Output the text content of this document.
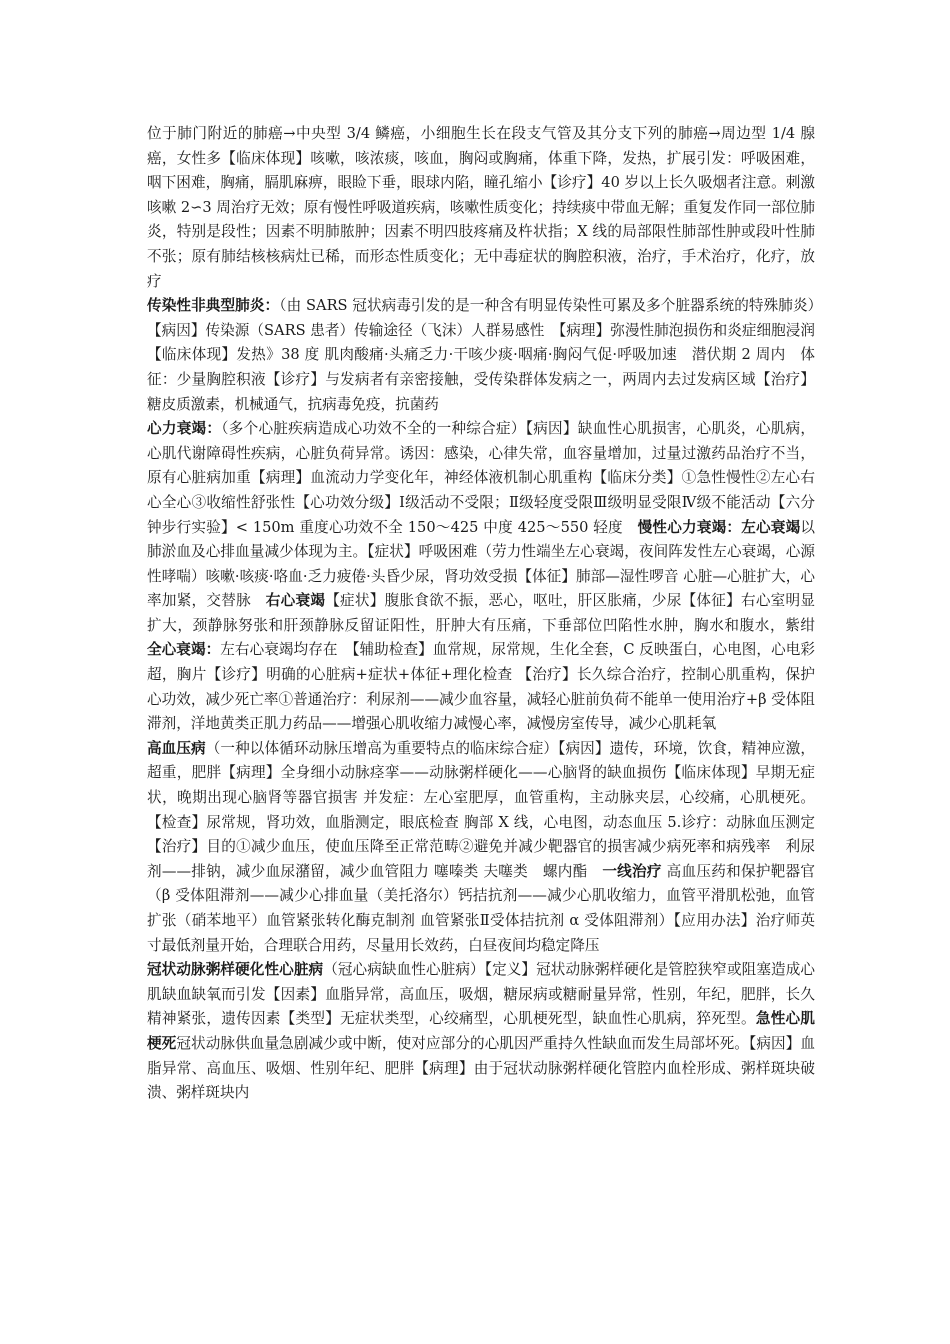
位于肺门附近的肺癌→中央型 3/4 鳞癌，小细胞生长在段支气管及其分支下列的肺癌→周边型 1/4 腺癌，女性多【临床体现】咳嗽，咳浓痰，咳血，胸闷或胸痛，体重下降，发热，扩展引发：呼吸困难，咽下困难，胸痛，膈肌麻痹，眼睑下垂，眼球内陷，瞳孔缩小【诊疗】40 岁以上长久吸烟者注意。刺激咳嗽 2∽3 周治疗无效；原有慢性呼吸道疾病，咳嗽性质变化；持续痰中带血无解；重复发作同一部位肺炎，特别是段性；因素不明肺脓肿；因素不明四肢疼痛及杵状指；X 线的局部限性肺部性肿或段叶性肺不张；原有肺结核核病灶已稀，而形态性质变化；无中毒症状的胸腔积液，治疗，手术治疗，化疗，放疗

传染性非典型肺炎：（由 SARS 冠状病毒引发的是一种含有明显传染性可累及多个脏器系统的特殊肺炎）　【病因】传染源（SARS 患者）传输途径（飞沫）人群易感性　【病理】弥漫性肺泡损伤和炎症细胞浸润　【临床体现】发热》38 度 肌肉酸痛·头痛乏力·干咳少痰·咽痛·胸闷气促·呼吸加速　潜伏期 2 周内　体征：少量胸腔积液【诊疗】与发病者有亲密接触，受传染群体发病之一，两周内去过发病区域【治疗】糖皮质激素，机械通气，抗病毒免疫，抗菌药

心力衰竭：（多个心脏疾病造成心功效不全的一种综合症）【病因】缺血性心肌损害，心肌炎，心肌病，心肌代谢障碍性疾病，心脏负荷异常。诱因：感染，心律失常，血容量增加，过量过激药品治疗不当，原有心脏病加重【病理】血流动力学变化年，神经体液机制心肌重构【临床分类】①急性慢性②左心右心全心③收缩性舒张性【心功效分级】Ⅰ级活动不受限；Ⅱ级轻度受限Ⅲ级明显受限Ⅳ级不能活动【六分钟步行实验】< 150m 重度心功效不全 150～425 中度 425～550 轻度　慢性心力衰竭：左心衰竭以肺淤血及心排血量减少体现为主。【症状】呼吸困难（劳力性端坐左心衰竭，夜间阵发性左心衰竭，心源性哮喘）咳嗽·咳痰·咯血·乏力疲倦·头昏少尿，肾功效受损【体征】肺部—湿性啰音 心脏—心脏扩大，心率加紧，交替脉　右心衰竭【症状】腹胀食欲不振，恶心，呕吐，肝区胀痛，少尿【体征】右心室明显扩大，颈静脉努张和肝颈静脉反留证阳性，肝肿大有压痛，下垂部位凹陷性水肿，胸水和腹水，紫绀　全心衰竭：左右心衰竭均存在　【辅助检查】血常规，尿常规，生化全套，C 反映蛋白，心电图，心电彩超，胸片【诊疗】明确的心脏病+症状+体征+理化检查 【治疗】长久综合治疗，控制心肌重构，保护心功效，减少死亡率①普通治疗：利尿剂——减少血容量，减轻心脏前负荷不能单一使用治疗+β 受体阻滞剂，洋地黄类正肌力药品——增强心肌收缩力减慢心率，减慢房室传导，减少心肌耗氧

高血压病（一种以体循环动脉压增高为重要特点的临床综合症）【病因】遗传，环境，饮食，精神应激，超重，肥胖【病理】全身细小动脉痉挛——动脉粥样硬化——心脑肾的缺血损伤【临床体现】早期无症状，晚期出现心脑肾等器官损害 并发症：左心室肥厚，血管重构，主动脉夹层，心绞痛，心肌梗死。【检查】尿常规，肾功效，血脂测定，眼底检查 胸部 X 线，心电图，动态血压 5.诊疗：动脉血压测定【治疗】目的①减少血压，使血压降至正常范畴②避免并减少靶器官的损害减少病死率和病残率　利尿剂——排钠，减少血尿潴留，减少血管阻力 噻嗪类 夫噻类　螺内酯　一线治疗 高血压药和保护靶器官（β 受体阻滞剂——减少心排血量（美托洛尔）钙拮抗剂——减少心肌收缩力，血管平滑肌松弛，血管扩张（硝苯地平）血管紧张转化酶克制剂 血管紧张Ⅱ受体拮抗剂 α 受体阻滞剂）【应用办法】治疗师英寸最低剂量开始，合理联合用药，尽量用长效药，白昼夜间均稳定降压

冠状动脉粥样硬化性心脏病（冠心病缺血性心脏病）【定义】冠状动脉粥样硬化是管腔狭窄或阻塞造成心肌缺血缺氧而引发【因素】血脂异常，高血压，吸烟，糖尿病或糖耐量异常，性别，年纪，肥胖，长久精神紧张，遗传因素【类型】无症状类型，心绞痛型，心肌梗死型，缺血性心肌病，猝死型。急性心肌梗死冠状动脉供血量急剧减少或中断，使对应部分的心肌因严重持久性缺血而发生局部坏死。【病因】血脂异常、高血压、吸烟、性别年纪、肥胖【病理】由于冠状动脉粥样硬化管腔内血栓形成、粥样斑块破溃、粥样斑块内
